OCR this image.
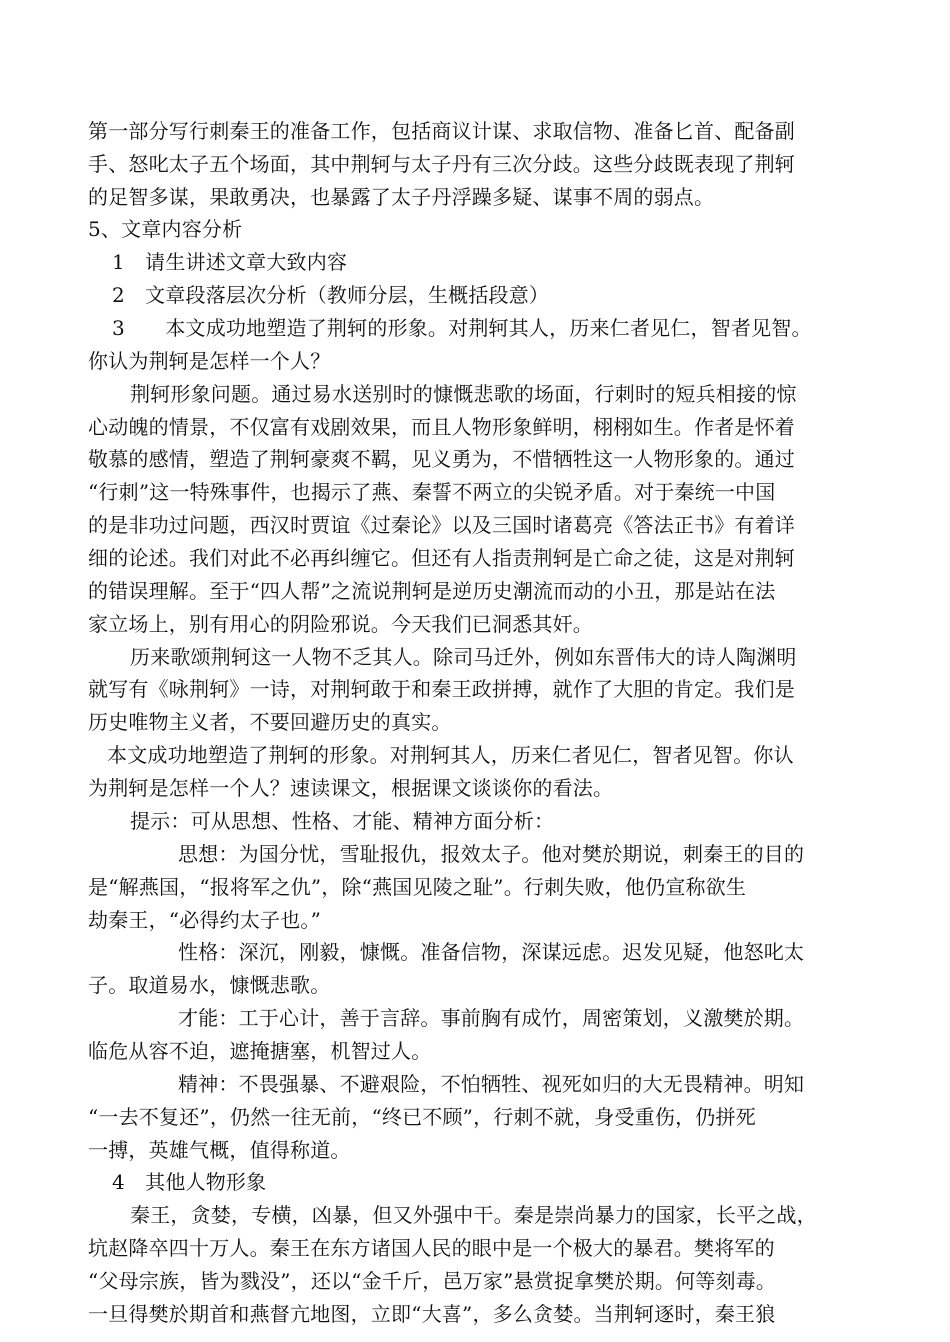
第一部分写行刺秦王的准备工作，包括商议计谋、求取信物、准备匕首、配备副
手、怒叱太子五个场面，其中荆轲与太子丹有三次分歧。这些分歧既表现了荆轲
的足智多谋，果敢勇决，也暴露了太子丹浮躁多疑、谋事不周的弱点。
5、文章内容分析
1　请生讲述文章大致内容
2　文章段落层次分析（教师分层，生概括段意）
3　　本文成功地塑造了荆轲的形象。对荆轲其人，历来仁者见仁，智者见智。
你认为荆轲是怎样一个人？
荆轲形象问题。通过易水送别时的慷慨悲歌的场面，行刺时的短兵相接的惊
心动魄的情景，不仅富有戏剧效果，而且人物形象鲜明，栩栩如生。作者是怀着
敬慕的感情，塑造了荆轲豪爽不羁，见义勇为，不惜牺牲这一人物形象的。通过
“行刺”这一特殊事件，也揭示了燕、秦誓不两立的尖锐矛盾。对于秦统一中国
的是非功过问题，西汉时贾谊《过秦论》以及三国时诸葛亮《答法正书》有着详
细的论述。我们对此不必再纠缠它。但还有人指责荆轲是亡命之徒，这是对荆轲
的错误理解。至于“四人帮”之流说荆轲是逆历史潮流而动的小丑，那是站在法
家立场上，别有用心的阴险邪说。今天我们已洞悉其奸。
历来歌颂荆轲这一人物不乏其人。除司马迁外，例如东晋伟大的诗人陶渊明
就写有《咏荆轲》一诗，对荆轲敢于和秦王政拼搏，就作了大胆的肯定。我们是
历史唯物主义者，不要回避历史的真实。
本文成功地塑造了荆轲的形象。对荆轲其人，历来仁者见仁，智者见智。你认
为荆轲是怎样一个人？速读课文，根据课文谈谈你的看法。
提示：可从思想、性格、才能、精神方面分析：
思想：为国分忧，雪耻报仇，报效太子。他对樊於期说，刺秦王的目的
是“解燕国，“报将军之仇”，除“燕国见陵之耻”。行刺失败，他仍宣称欲生
劫秦王，“必得约太子也。”
性格：深沉，刚毅，慷慨。准备信物，深谋远虑。迟发见疑，他怒叱太
子。取道易水，慷慨悲歌。
才能：工于心计，善于言辞。事前胸有成竹，周密策划，义激樊於期。
临危从容不迫，遮掩搪塞，机智过人。
精神：不畏强暴、不避艰险，不怕牺牲、视死如归的大无畏精神。明知
“一去不复还”，仍然一往无前，“终已不顾”，行刺不就，身受重伤，仍拼死
一搏，英雄气概，值得称道。
4　其他人物形象
秦王，贪婪，专横，凶暴，但又外强中干。秦是崇尚暴力的国家，长平之战，
坑赵降卒四十万人。秦王在东方诸国人民的眼中是一个极大的暴君。樊将军的
“父母宗族，皆为戮没”，还以“金千斤，邑万家”悬赏捉拿樊於期。何等刻毒。
一旦得樊於期首和燕督亢地图，立即“大喜”，多么贪婪。当荆轲逐时，秦王狼
